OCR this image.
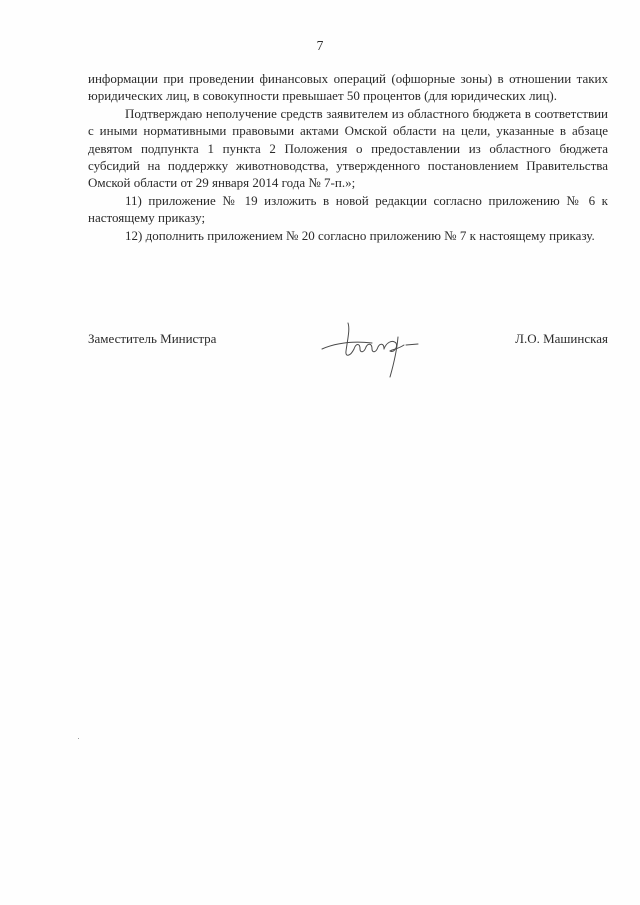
7

информации при проведении финансовых операций (офшорные зоны) в отношении таких юридических лиц, в совокупности превышает 50 процентов (для юридических лиц).

Подтверждаю неполучение средств заявителем из областного бюджета в соответствии с иными нормативными правовыми актами Омской области на цели, указанные в абзаце девятом подпункта 1 пункта 2 Положения о предоставлении из областного бюджета субсидий на поддержку животноводства, утвержденного постановлением Правительства Омской области от 29 января 2014 года № 7-п.»;

11) приложение № 19 изложить в новой редакции согласно приложению № 6 к настоящему приказу;

12) дополнить приложением № 20 согласно приложению № 7 к настоящему приказу.

Заместитель Министра	Л.О. Машинская
